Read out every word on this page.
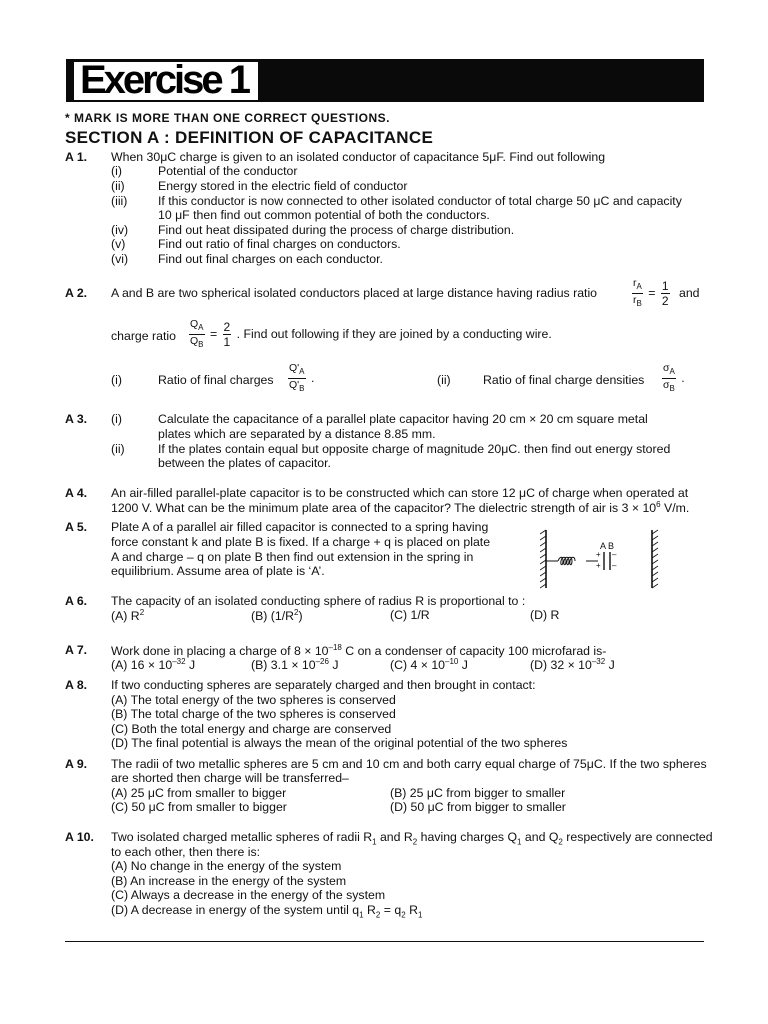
Exercise 1
* MARK IS MORE THAN ONE CORRECT QUESTIONS.
SECTION A : DEFINITION OF CAPACITANCE
A 1. When 30μC charge is given to an isolated conductor of capacitance 5μF. Find out following
(i)	Potential of the conductor
(ii)	Energy stored in the electric field of conductor
(iii) If this conductor is now connected to other isolated conductor of total charge 50 μC and capacity
10 μF then find out common potential of both the conductors.
(iv) Find out heat dissipated during the process of charge distribution.
(v)	Find out ratio of final charges on conductors.
(vi) Find out final charges on each conductor.
A 2. A and B are two spherical isolated conductors placed at large distance having radius ratio	$\frac{r_A}{r_B} = \frac{1}{2}$ and
charge ratio $\frac{Q_A}{Q_B} = \frac{2}{1}$ . Find out following if they are joined by a conducting wire.
(i)	Ratio of final charges $\frac{Q'_A}{Q'_B}$ .	(ii)	Ratio of final charge densities $\frac{\sigma_A}{\sigma_B}$ .
A 3. (i)	Calculate the capacitance of a parallel plate capacitor having 20 cm × 20 cm square metal
plates which are separated by a distance 8.85 mm.
(ii)	If the plates contain equal but opposite charge of magnitude 20μC. then find out energy stored
between the plates of capacitor.
A 4. An air-filled parallel-plate capacitor is to be constructed which can store 12 μC of charge when operated at
1200 V. What can be the minimum plate area of the capacitor? The dielectric strength of air is $3 \times 10^6$ V/m.
A 5. Plate A of a parallel air filled capacitor is connected to a spring having
force constant k and plate B is fixed. If a charge + q is placed on plate
A and charge – q on plate B then find out extension in the spring in
equilibrium. Assume area of plate is ‘A’.
+
+
–
–
A B
A 6. The capacity of an isolated conducting sphere of radius R is proportional to :
(A) $R^2$	(B) $(1/R^2)$	(C) 1/R	(D) R
A 7. Work done in placing a charge of $8 \times 10^{-18}$ C on a condenser of capacity 100 microfarad is-
(A) $16 \times 10^{-32}$ J	(B) $3.1 \times 10^{-26}$ J	(C) $4 \times 10^{-10}$ J	(D) $32 \times 10^{-32}$ J
A 8. If two conducting spheres are separately charged and then brought in contact:
(A) The total energy of the two spheres is conserved
(B) The total charge of the two spheres is conserved
(C) Both the total energy and charge are conserved
(D) The final potential is always the mean of the original potential of the two spheres
A 9. The radii of two metallic spheres are 5 cm and 10 cm and both carry equal charge of 75μC. If the two spheres
are shorted then charge will be transferred–
(A) 25 μC from smaller to bigger	(B) 25 μC from bigger to smaller
(C) 50 μC from smaller to bigger	(D) 50 μC from bigger to smaller
A 10. Two isolated charged metallic spheres of radii $R_1$ and $R_2$ having charges $Q_1$ and $Q_2$ respectively are connected
to each other, then there is:
(A) No change in the energy of the system
(B) An increase in the energy of the system
(C) Always a decrease in the energy of the system
(D) A decrease in energy of the system until $q_1$ $R_2 = q_2$ $R_1$
